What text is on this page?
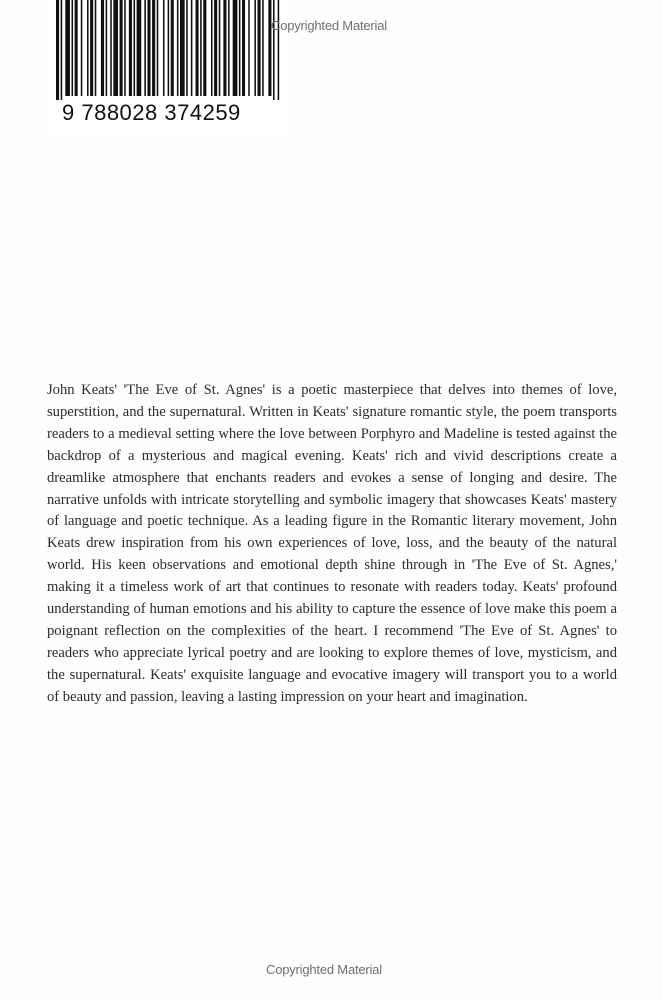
9 788028 374259
Copyrighted Material

John Keats' 'The Eve of St. Agnes' is a poetic masterpiece that delves into themes of love, superstition, and the supernatural. Written in Keats' signature romantic style, the poem transports readers to a medieval setting where the love between Porphyro and Madeline is tested against the backdrop of a mysterious and magical evening. Keats' rich and vivid descriptions create a dreamlike atmosphere that enchants readers and evokes a sense of longing and desire. The narrative unfolds with intricate storytelling and symbolic imagery that showcases Keats' mastery of language and poetic technique. As a leading figure in the Romantic literary movement, John Keats drew inspiration from his own experiences of love, loss, and the beauty of the natural world. His keen observations and emotional depth shine through in 'The Eve of St. Agnes,' making it a timeless work of art that continues to resonate with readers today. Keats' profound understanding of human emotions and his ability to capture the essence of love make this poem a poignant reflection on the complexities of the heart. I recommend 'The Eve of St. Agnes' to readers who appreciate lyrical poetry and are looking to explore themes of love, mysticism, and the supernatural. Keats' exquisite language and evocative imagery will transport you to a world of beauty and passion, leaving a lasting impression on your heart and imagination.

Copyrighted Material
